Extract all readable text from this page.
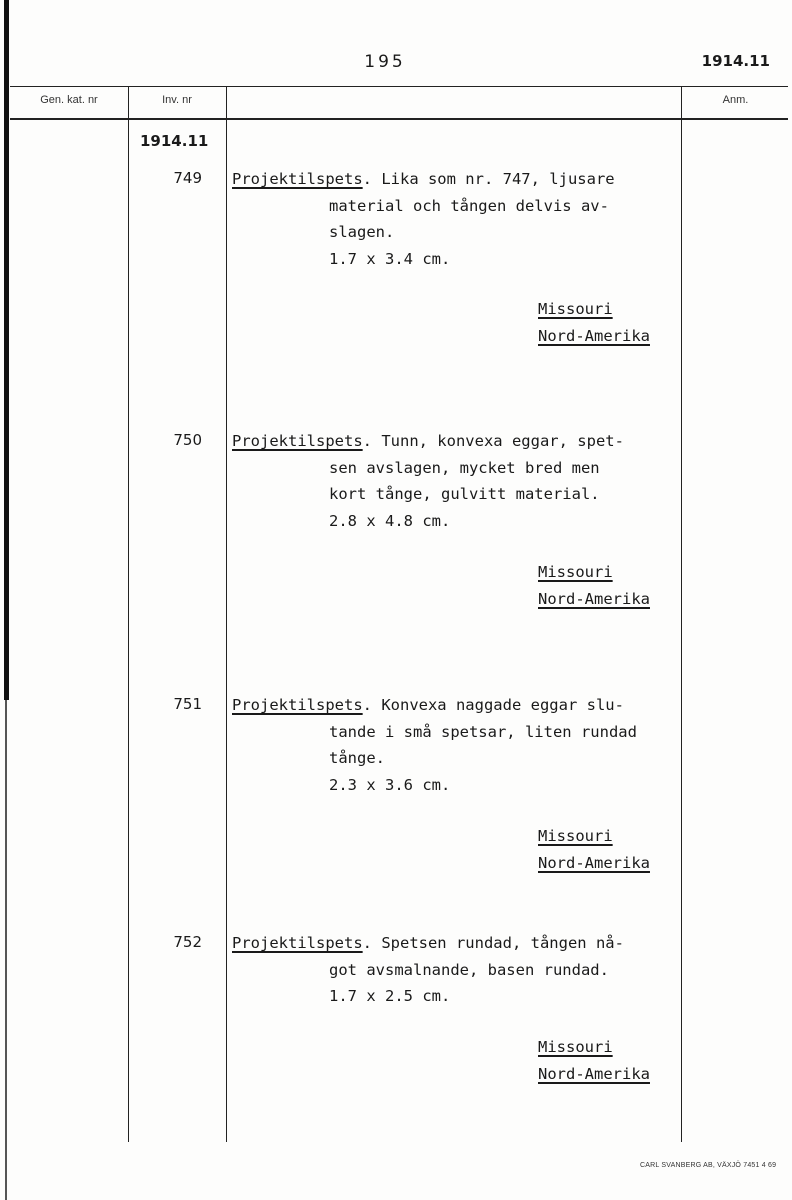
195	1914.11
Gen. kat. nr	Inv. nr	Anm.
1914.11
749 Projektilspets. Lika som nr. 747, ljusare
material och tången delvis av-
slagen.
1.7 x 3.4 cm.
Missouri
Nord-Amerika
750 Projektilspets. Tunn, konvexa eggar, spet-
sen avslagen, mycket bred men
kort tånge, gulvitt material.
2.8 x 4.8 cm.
Missouri
Nord-Amerika
751 Projektilspets. Konvexa naggade eggar slu-
tande i små spetsar, liten rundad
tånge.
2.3 x 3.6 cm.
Missouri
Nord-Amerika
752 Projektilspets. Spetsen rundad, tången nå-
got avsmalnande, basen rundad.
1.7 x 2.5 cm.
Missouri
Nord-Amerika
CARL SVANBERG AB, VÄXJÖ 7451 4 69
